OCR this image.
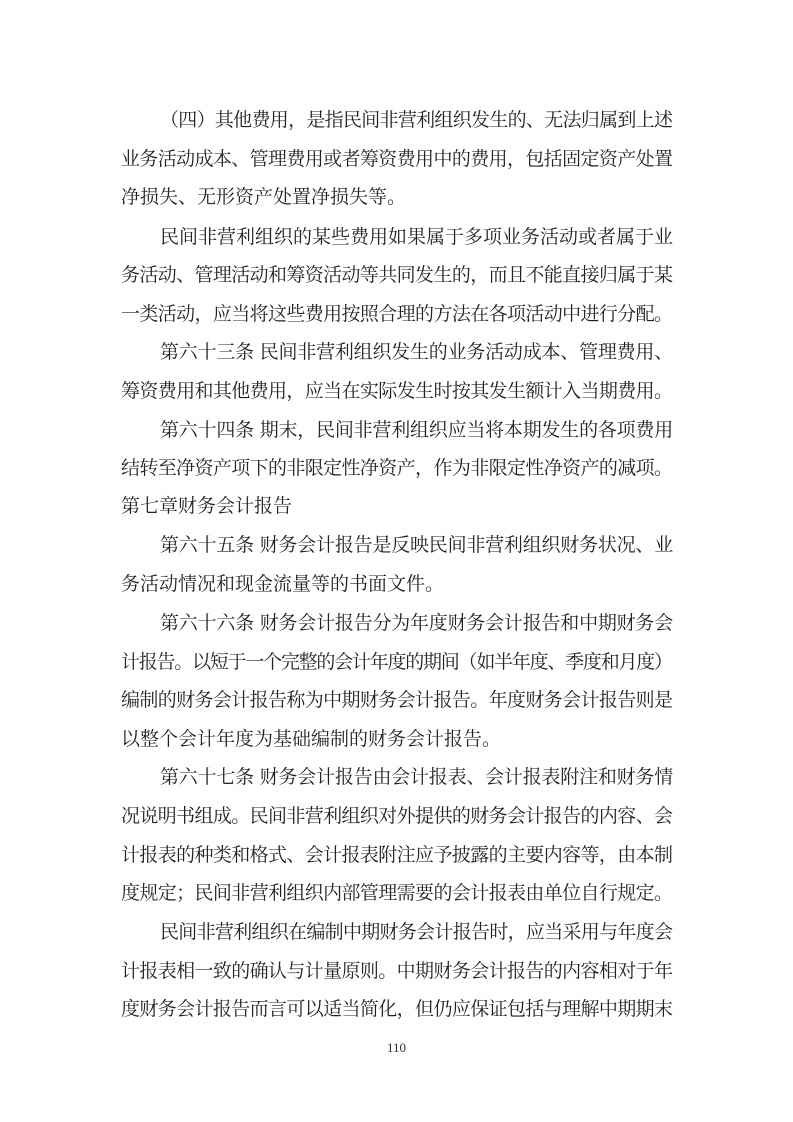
（四）其他费用，是指民间非营利组织发生的、无法归属到上述
业务活动成本、管理费用或者筹资费用中的费用，包括固定资产处置
净损失、无形资产处置净损失等。
民间非营利组织的某些费用如果属于多项业务活动或者属于业
务活动、管理活动和筹资活动等共同发生的，而且不能直接归属于某
一类活动，应当将这些费用按照合理的方法在各项活动中进行分配。
第六十三条 民间非营利组织发生的业务活动成本、管理费用、
筹资费用和其他费用，应当在实际发生时按其发生额计入当期费用。
第六十四条 期末，民间非营利组织应当将本期发生的各项费用
结转至净资产项下的非限定性净资产，作为非限定性净资产的减项。
第七章财务会计报告
第六十五条 财务会计报告是反映民间非营利组织财务状况、业
务活动情况和现金流量等的书面文件。
第六十六条 财务会计报告分为年度财务会计报告和中期财务会
计报告。以短于一个完整的会计年度的期间（如半年度、季度和月度）
编制的财务会计报告称为中期财务会计报告。年度财务会计报告则是
以整个会计年度为基础编制的财务会计报告。
第六十七条 财务会计报告由会计报表、会计报表附注和财务情
况说明书组成。民间非营利组织对外提供的财务会计报告的内容、会
计报表的种类和格式、会计报表附注应予披露的主要内容等，由本制
度规定；民间非营利组织内部管理需要的会计报表由单位自行规定。
民间非营利组织在编制中期财务会计报告时，应当采用与年度会
计报表相一致的确认与计量原则。中期财务会计报告的内容相对于年
度财务会计报告而言可以适当简化，但仍应保证包括与理解中期期末
110
